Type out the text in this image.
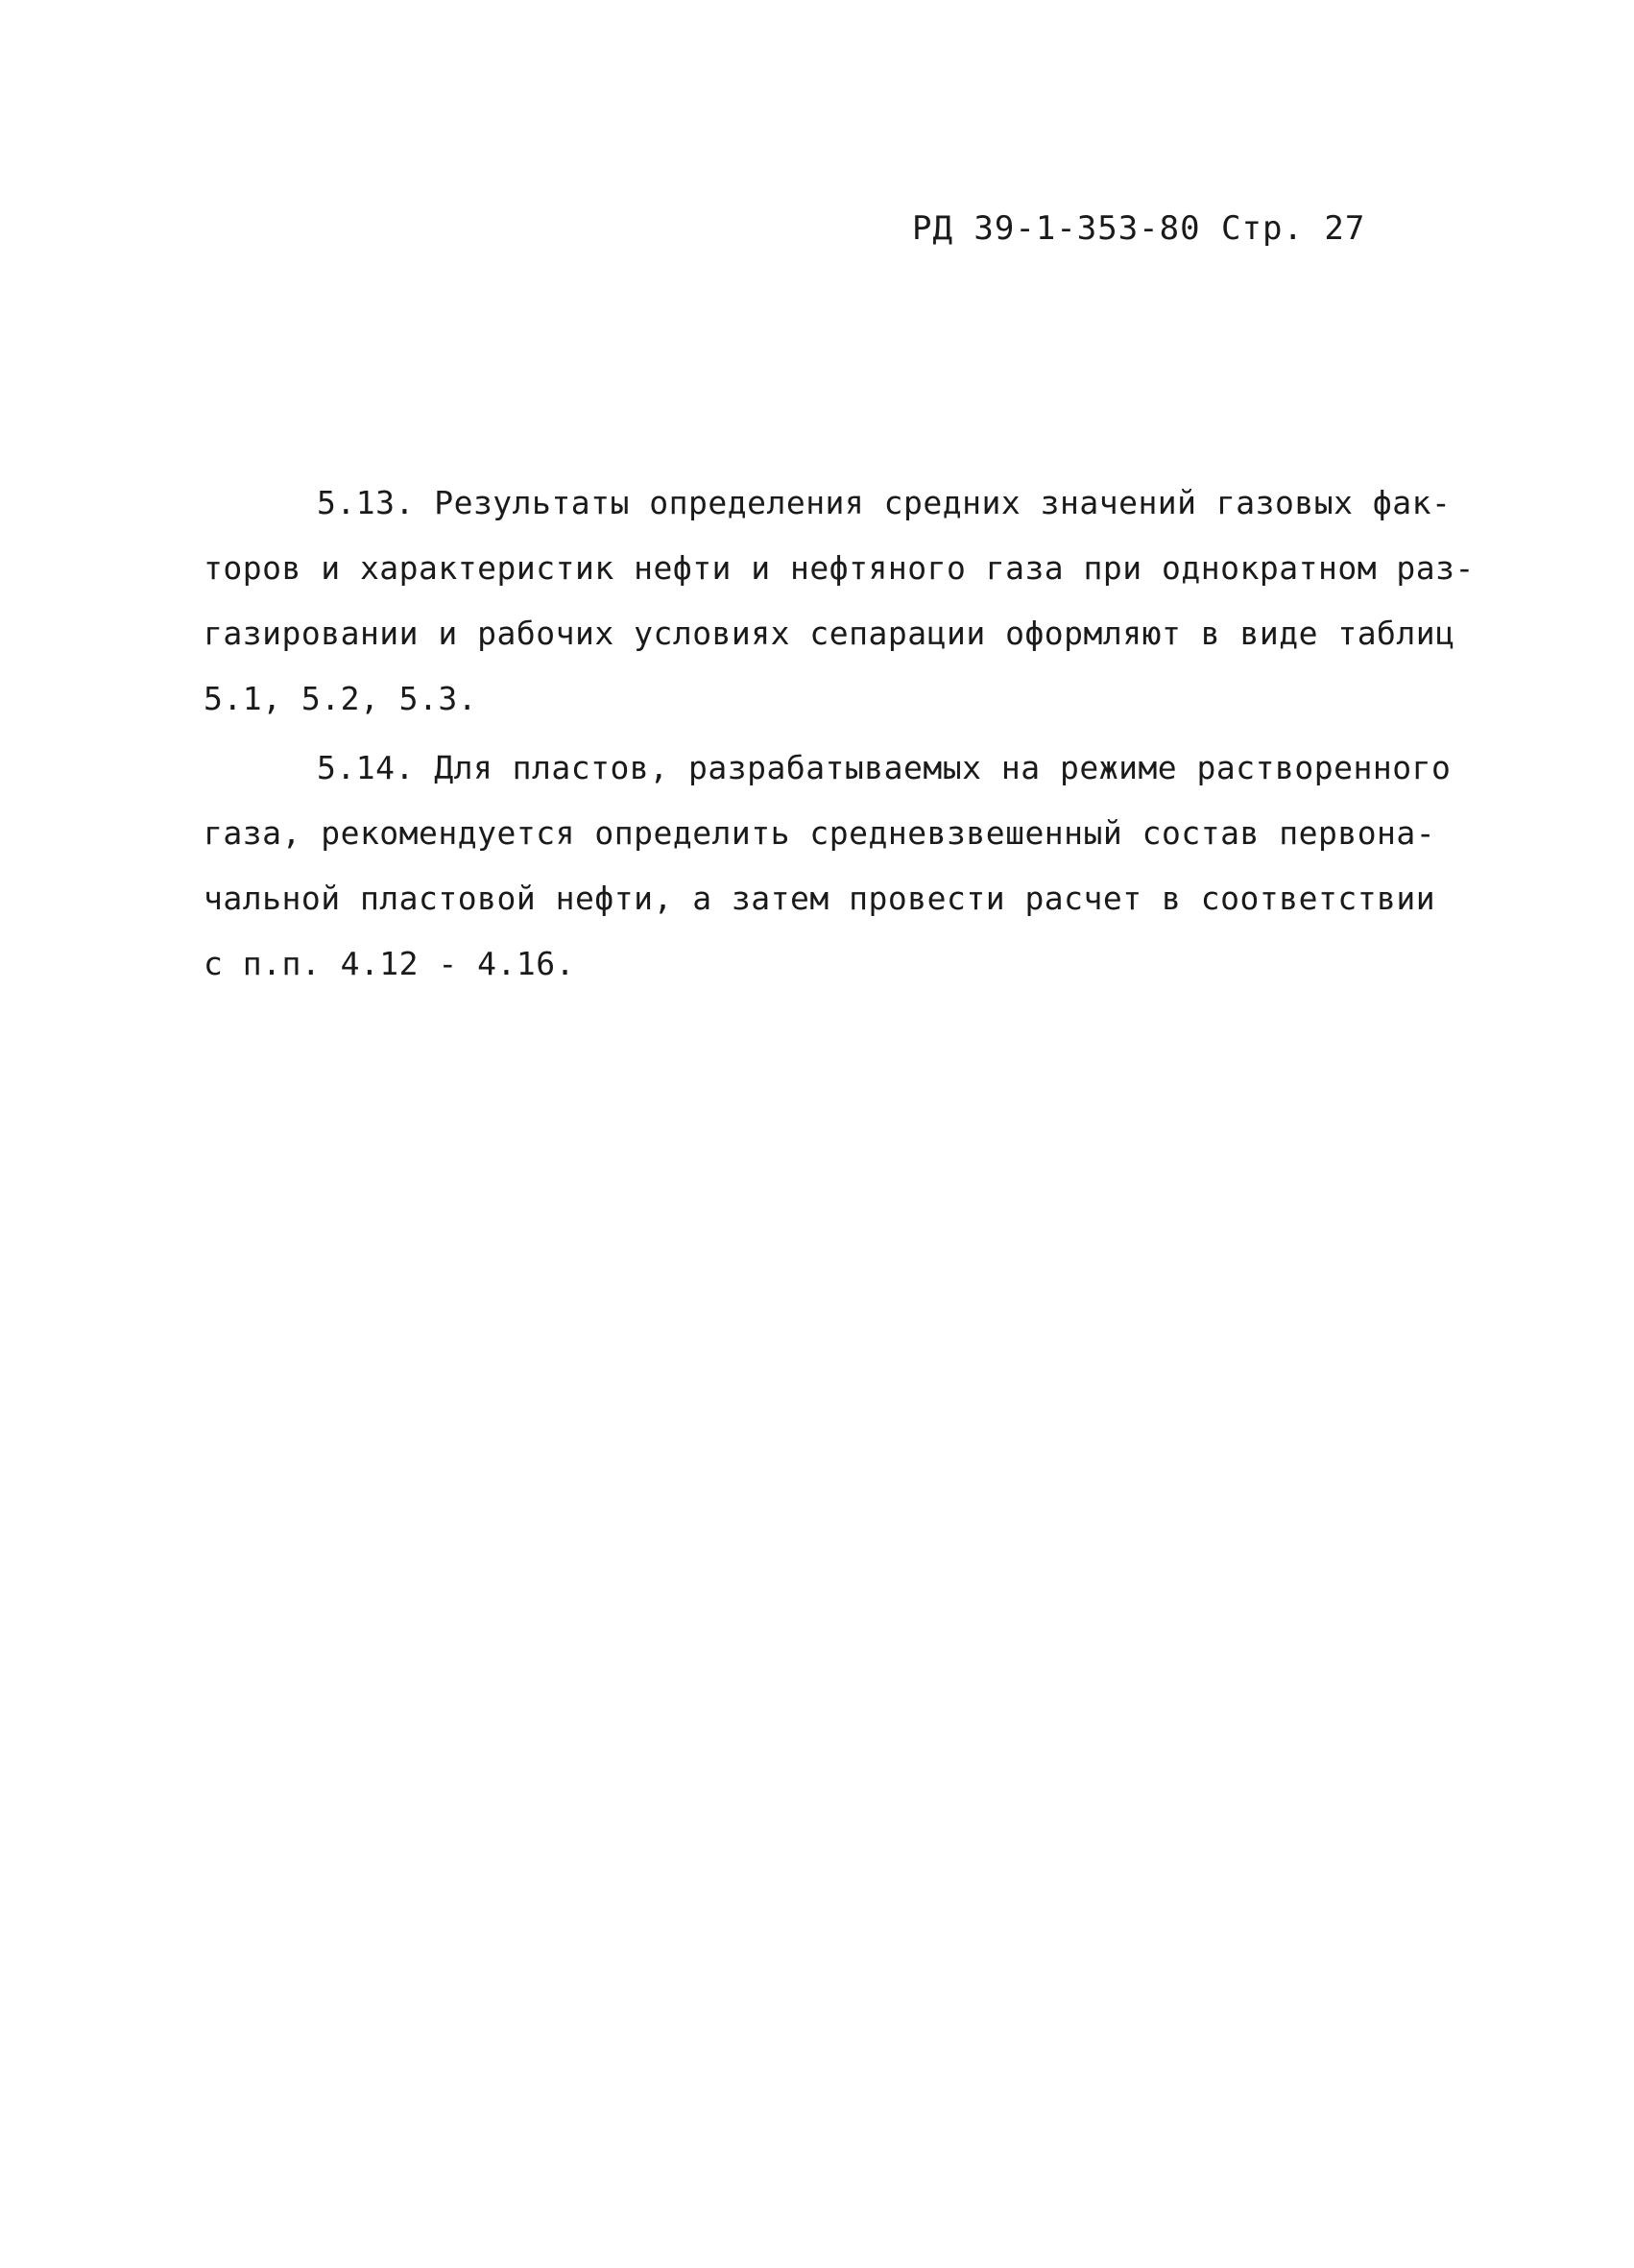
РД 39-1-353-80 Стр. 27
5.13. Результаты определения средних значений газовых фак-
торов и характеристик нефти и нефтяного газа при однократном раз-
газировании и рабочих условиях сепарации оформляют в виде таблиц
5.1, 5.2, 5.3.
5.14. Для пластов, разрабатываемых на режиме растворенного
газа, рекомендуется определить средневзвешенный состав первона-
чальной пластовой нефти, а затем провести расчет в соответствии
с п.п. 4.12 - 4.16.
